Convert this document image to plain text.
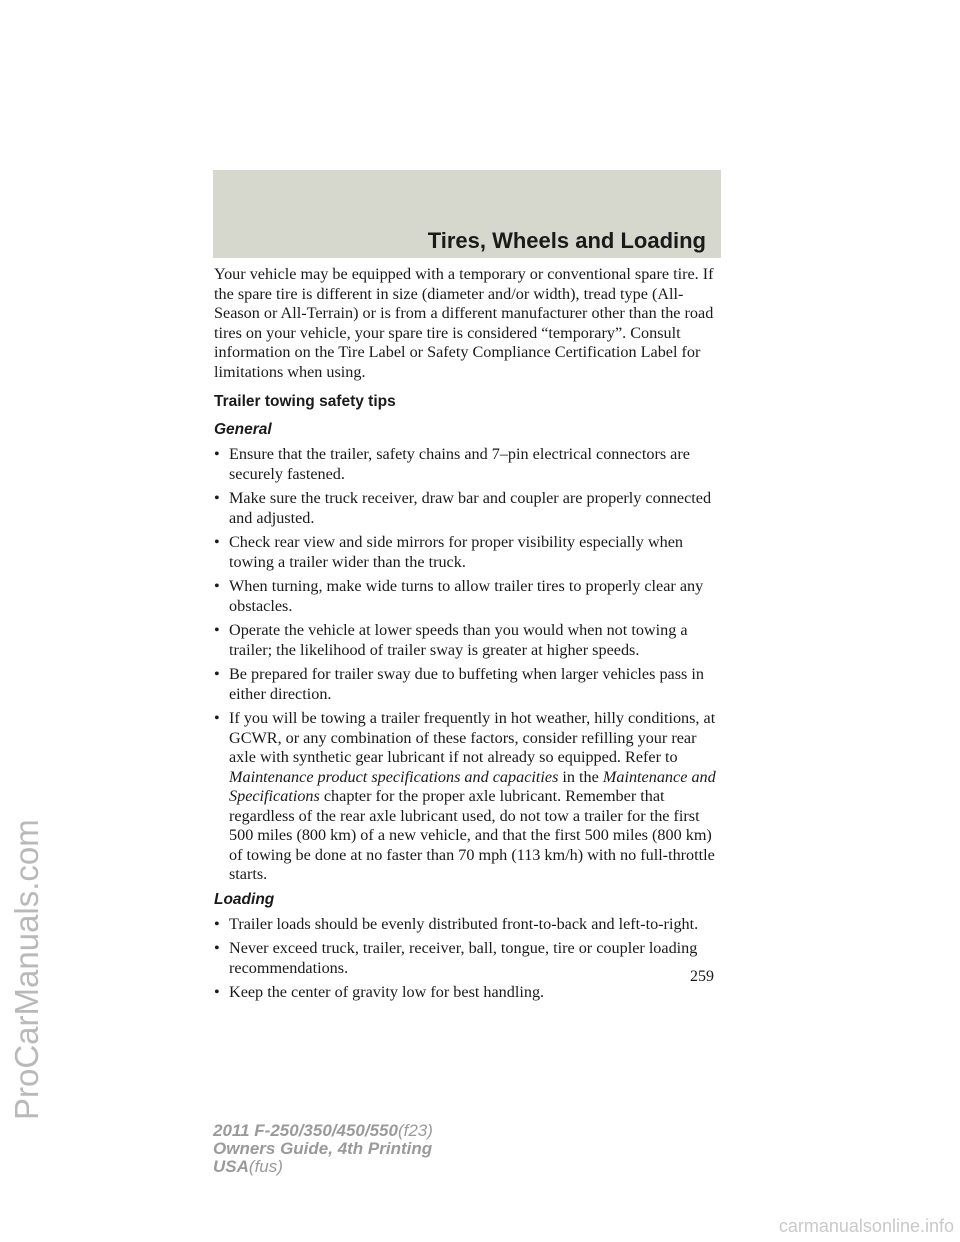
Tires, Wheels and Loading

Your vehicle may be equipped with a temporary or conventional spare tire. If the spare tire is different in size (diameter and/or width), tread type (All-Season or All-Terrain) or is from a different manufacturer other than the road tires on your vehicle, your spare tire is considered “temporary”. Consult information on the Tire Label or Safety Compliance Certification Label for limitations when using.

Trailer towing safety tips
General
• Ensure that the trailer, safety chains and 7–pin electrical connectors are securely fastened.
• Make sure the truck receiver, draw bar and coupler are properly connected and adjusted.
• Check rear view and side mirrors for proper visibility especially when towing a trailer wider than the truck.
• When turning, make wide turns to allow trailer tires to properly clear any obstacles.
• Operate the vehicle at lower speeds than you would when not towing a trailer; the likelihood of trailer sway is greater at higher speeds.
• Be prepared for trailer sway due to buffeting when larger vehicles pass in either direction.
• If you will be towing a trailer frequently in hot weather, hilly conditions, at GCWR, or any combination of these factors, consider refilling your rear axle with synthetic gear lubricant if not already so equipped. Refer to Maintenance product specifications and capacities in the Maintenance and Specifications chapter for the proper axle lubricant. Remember that regardless of the rear axle lubricant used, do not tow a trailer for the first 500 miles (800 km) of a new vehicle, and that the first 500 miles (800 km) of towing be done at no faster than 70 mph (113 km/h) with no full-throttle starts.
Loading
• Trailer loads should be evenly distributed front-to-back and left-to-right.
• Never exceed truck, trailer, receiver, ball, tongue, tire or coupler loading recommendations.
• Keep the center of gravity low for best handling.
259
2011 F-250/350/450/550(f23)
Owners Guide, 4th Printing
USA(fus)
ProCarManuals.com
carmanualsonline.info
